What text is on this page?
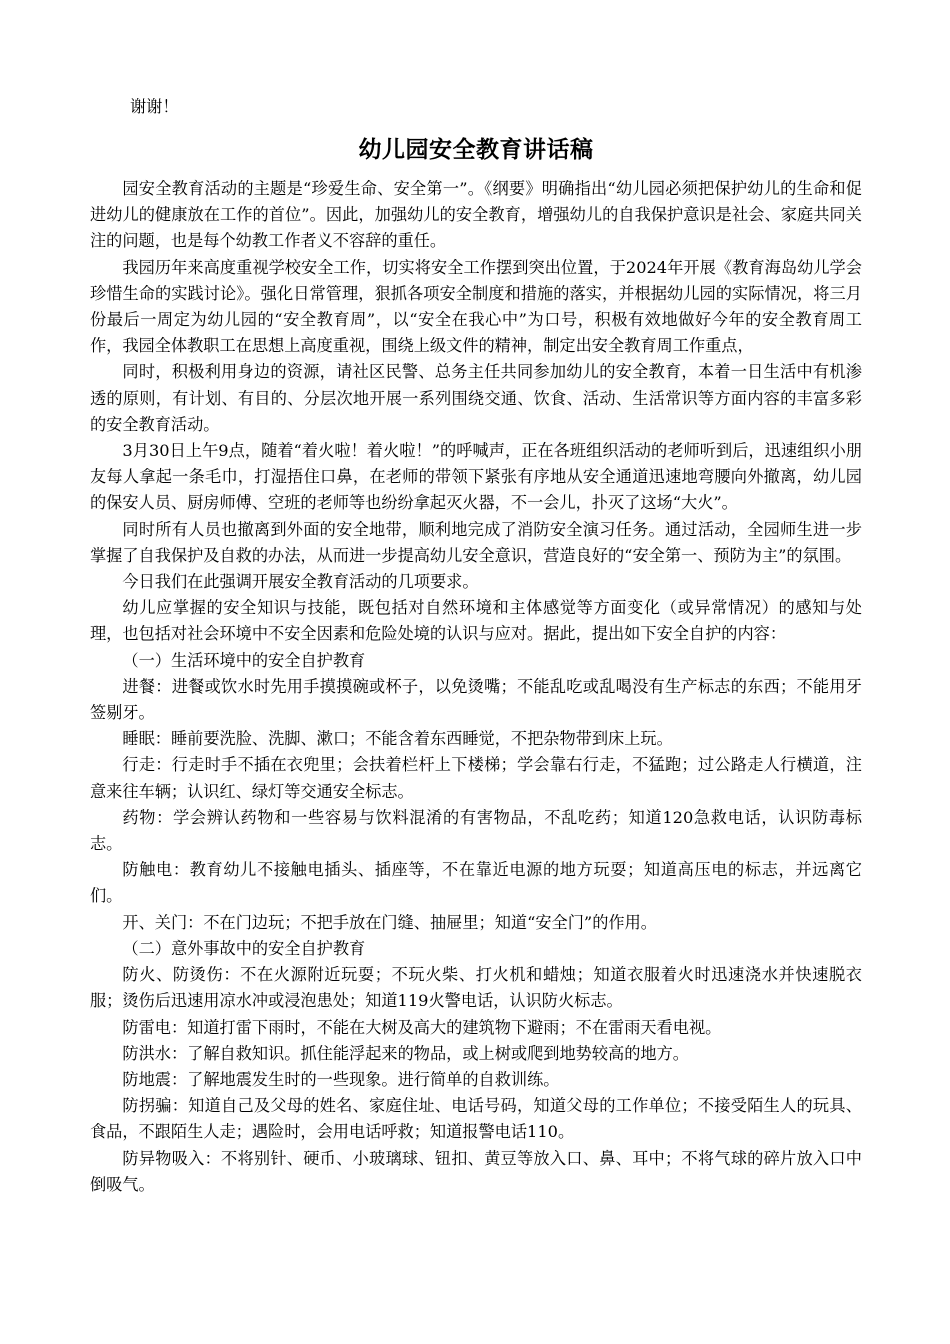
谢谢！

幼儿园安全教育讲话稿

园安全教育活动的主题是“珍爱生命、安全第一”。《纲要》明确指出“幼儿园必须把保护幼儿的生命和促进幼儿的健康放在工作的首位”。因此，加强幼儿的安全教育，增强幼儿的自我保护意识是社会、家庭共同关注的问题，也是每个幼教工作者义不容辞的重任。

我园历年来高度重视学校安全工作，切实将安全工作摆到突出位置，于2024年开展《教育海岛幼儿学会珍惜生命的实践讨论》。强化日常管理，狠抓各项安全制度和措施的落实，并根据幼儿园的实际情况，将三月份最后一周定为幼儿园的“安全教育周”，以“安全在我心中”为口号，积极有效地做好今年的安全教育周工作，我园全体教职工在思想上高度重视，围绕上级文件的精神，制定出安全教育周工作重点，

同时，积极利用身边的资源，请社区民警、总务主任共同参加幼儿的安全教育，本着一日生活中有机渗透的原则，有计划、有目的、分层次地开展一系列围绕交通、饮食、活动、生活常识等方面内容的丰富多彩的安全教育活动。

3月30日上午9点，随着“着火啦！着火啦！”的呼喊声，正在各班组织活动的老师听到后，迅速组织小朋友每人拿起一条毛巾，打湿捂住口鼻，在老师的带领下紧张有序地从安全通道迅速地弯腰向外撤离，幼儿园的保安人员、厨房师傅、空班的老师等也纷纷拿起灭火器，不一会儿，扑灭了这场“大火”。

同时所有人员也撤离到外面的安全地带，顺利地完成了消防安全演习任务。通过活动，全园师生进一步掌握了自我保护及自救的办法，从而进一步提高幼儿安全意识，营造良好的“安全第一、预防为主”的氛围。

今日我们在此强调开展安全教育活动的几项要求。

幼儿应掌握的安全知识与技能，既包括对自然环境和主体感觉等方面变化（或异常情况）的感知与处理，也包括对社会环境中不安全因素和危险处境的认识与应对。据此，提出如下安全自护的内容：

（一）生活环境中的安全自护教育

进餐：进餐或饮水时先用手摸摸碗或杯子，以免烫嘴；不能乱吃或乱喝没有生产标志的东西；不能用牙签剔牙。

睡眠：睡前要洗脸、洗脚、漱口；不能含着东西睡觉，不把杂物带到床上玩。

行走：行走时手不插在衣兜里；会扶着栏杆上下楼梯；学会靠右行走，不猛跑；过公路走人行横道，注意来往车辆；认识红、绿灯等交通安全标志。

药物：学会辨认药物和一些容易与饮料混淆的有害物品，不乱吃药；知道120急救电话，认识防毒标志。

防触电：教育幼儿不接触电插头、插座等，不在靠近电源的地方玩耍；知道高压电的标志，并远离它们。

开、关门：不在门边玩；不把手放在门缝、抽屉里；知道“安全门”的作用。

（二）意外事故中的安全自护教育

防火、防烫伤：不在火源附近玩耍；不玩火柴、打火机和蜡烛；知道衣服着火时迅速浇水并快速脱衣服；烫伤后迅速用凉水冲或浸泡患处；知道119火警电话，认识防火标志。

防雷电：知道打雷下雨时，不能在大树及高大的建筑物下避雨；不在雷雨天看电视。

防洪水：了解自救知识。抓住能浮起来的物品，或上树或爬到地势较高的地方。

防地震：了解地震发生时的一些现象。进行简单的自救训练。

防拐骗：知道自己及父母的姓名、家庭住址、电话号码，知道父母的工作单位；不接受陌生人的玩具、食品，不跟陌生人走；遇险时，会用电话呼救；知道报警电话110。

防异物吸入：不将别针、硬币、小玻璃球、钮扣、黄豆等放入口、鼻、耳中；不将气球的碎片放入口中倒吸气。
